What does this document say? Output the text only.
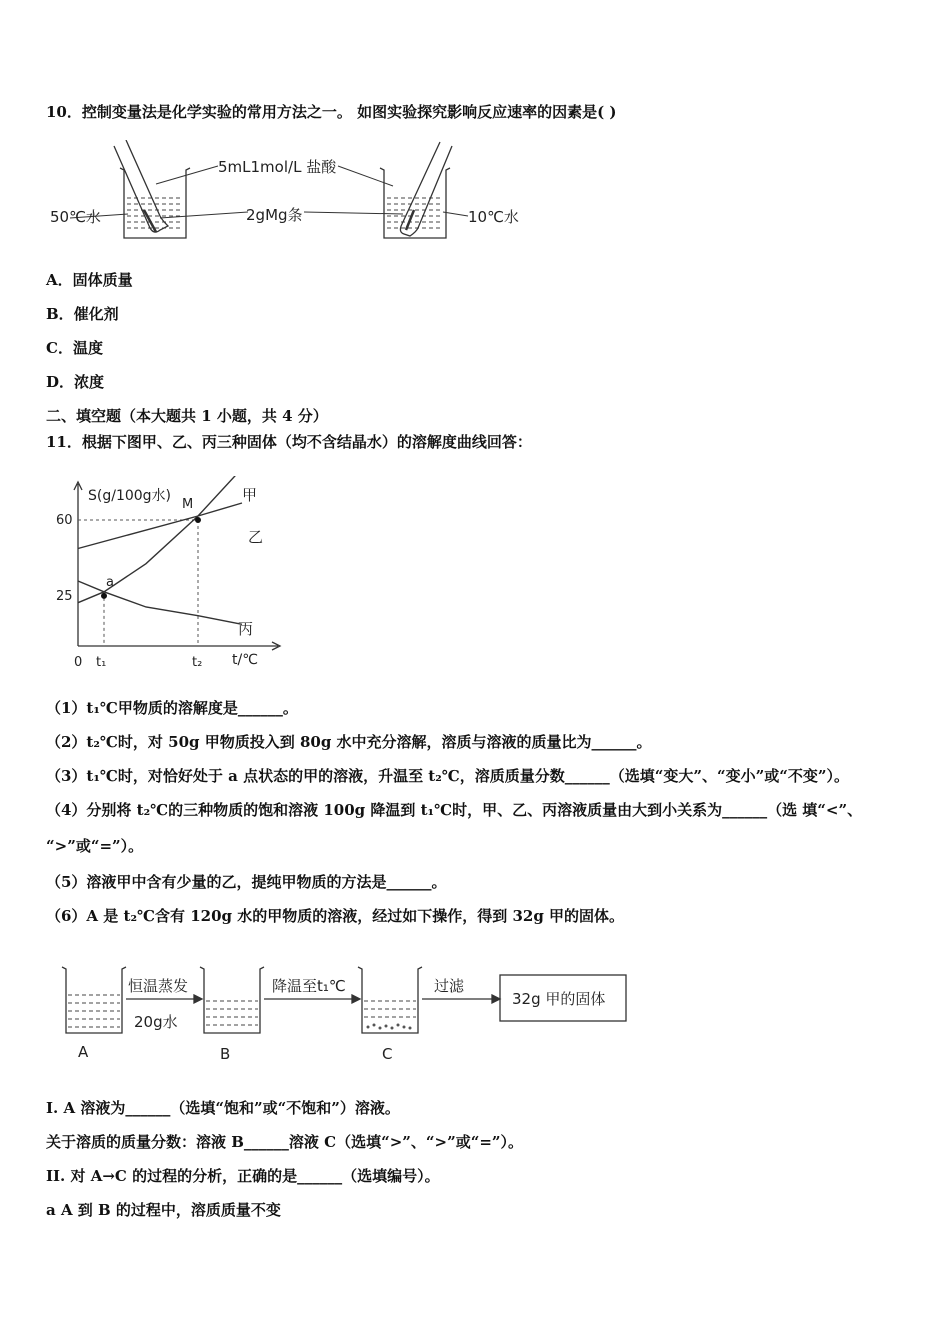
10．控制变量法是化学实验的常用方法之一。 如图实验探究影响反应速率的因素是( )
5mL1mol/L 盐酸
2gMg条
50℃水	10℃水
A．固体质量
B．催化剂
C．温度
D．浓度
二、填空题（本大题共 1 小题，共 4 分）
11．根据下图甲、乙、丙三种固体（均不含结晶水）的溶解度曲线回答：
S(g/100g水)
t/℃
甲
乙
丙
M
a
60
25
0 t₁	t₂
（1）t₁℃甲物质的溶解度是______。
（2）t₂℃时，对 50g 甲物质投入到 80g 水中充分溶解，溶质与溶液的质量比为______。
（3）t₁℃时，对恰好处于 a 点状态的甲的溶液，升温至 t₂℃，溶质质量分数______（选填“变大”、“变小”或“不变”）。
（4）分别将 t₂℃的三种物质的饱和溶液 100g 降温到 t₁℃时，甲、乙、丙溶液质量由大到小关系为______（选 填“<”、
“>”或“=”）。
（5）溶液甲中含有少量的乙，提纯甲物质的方法是______。
（6）A 是 t₂℃含有 120g 水的甲物质的溶液，经过如下操作，得到 32g 甲的固体。
恒温蒸发
20g水
降温至t₁℃	过滤
32g 甲的固体
A	B	C
I. A 溶液为______（选填“饱和”或“不饱和”）溶液。
关于溶质的质量分数：溶液 B______溶液 C（选填“>”、“>”或“=”）。
II. 对 A→C 的过程的分析，正确的是______（选填编号）。
a A 到 B 的过程中，溶质质量不变
